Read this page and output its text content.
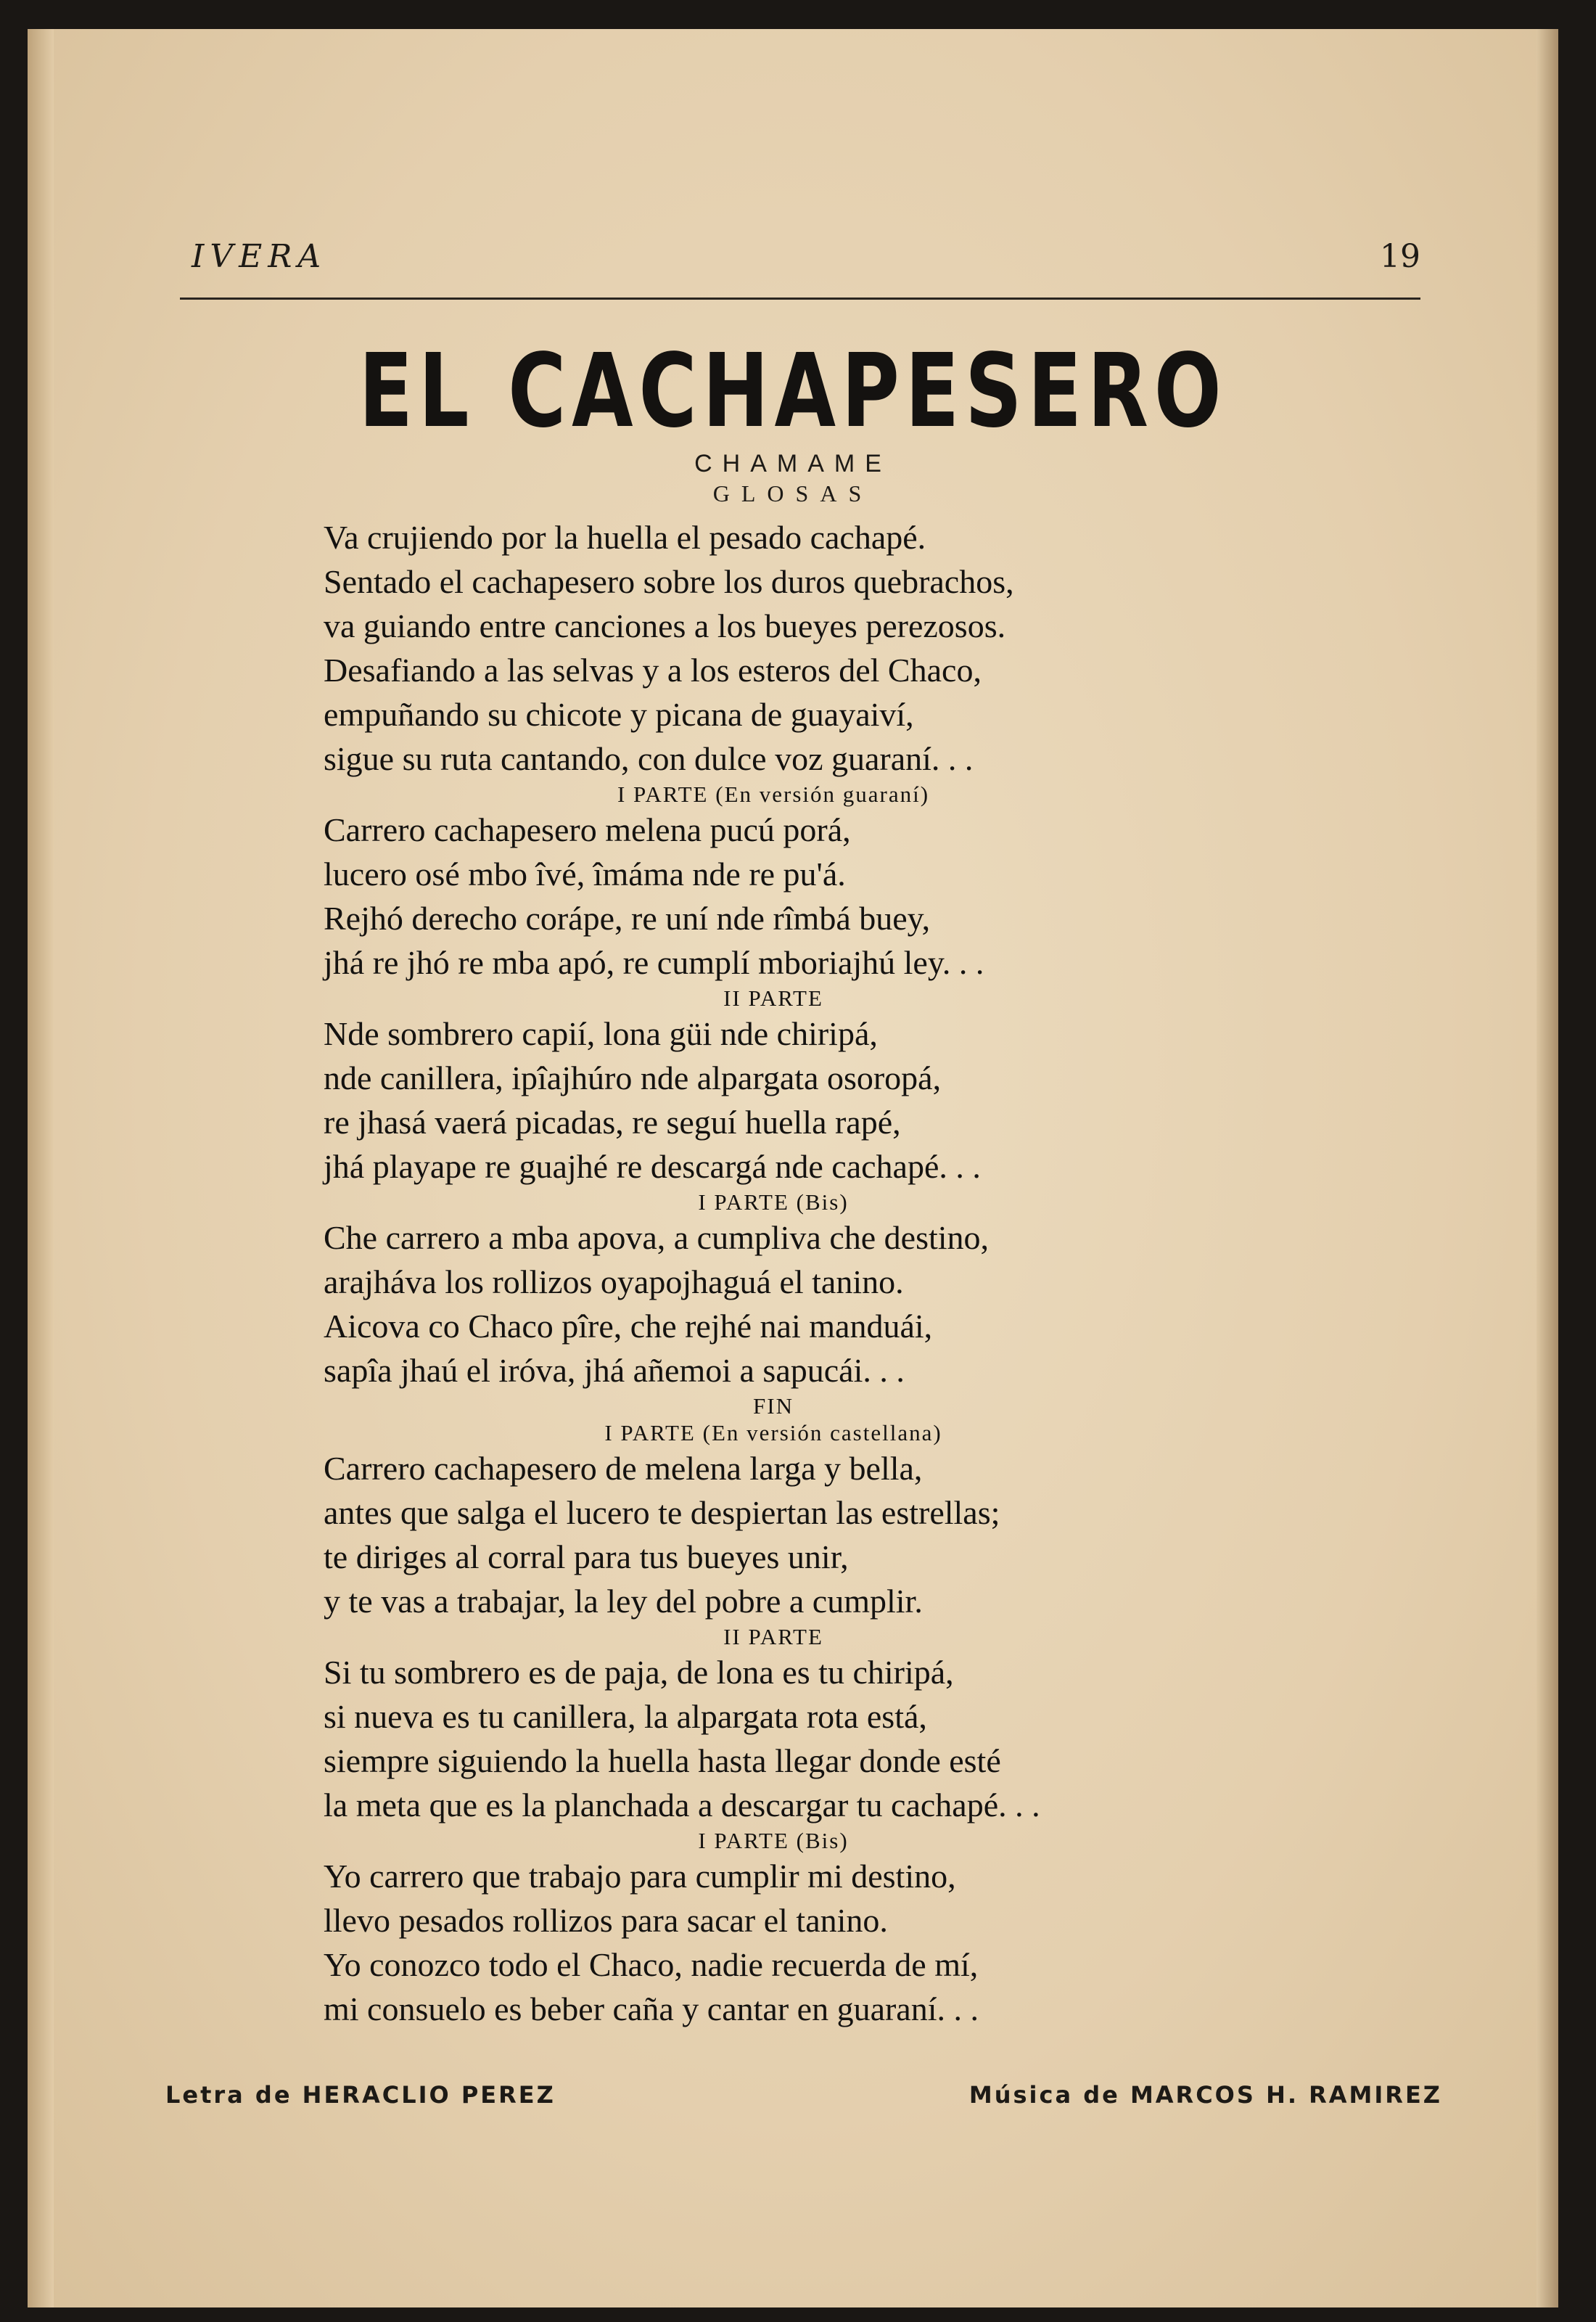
IVERA	19
EL CACHAPESERO
CHAMAME
GLOSAS
Va crujiendo por la huella el pesado cachapé.
Sentado el cachapesero sobre los duros quebrachos,
va guiando entre canciones a los bueyes perezosos.
Desafiando a las selvas y a los esteros del Chaco,
empuñando su chicote y picana de guayaiví,
sigue su ruta cantando, con dulce voz guaraní. . .
I PARTE (En versión guaraní)
Carrero cachapesero melena pucú porá,
lucero osé mbo îvé, îmáma nde re pu'á.
Rejhó derecho corápe, re uní nde rîmbá buey,
jhá re jhó re mba apó, re cumplí mboriajhú ley. . .
II PARTE
Nde sombrero capií, lona güi nde chiripá,
nde canillera, ipîajhúro nde alpargata osoropá,
re jhasá vaerá picadas, re seguí huella rapé,
jhá playape re guajhé re descargá nde cachapé. . .
I PARTE (Bis)
Che carrero a mba apova, a cumpliva che destino,
arajháva los rollizos oyapojhaguá el tanino.
Aicova co Chaco pîre, che rejhé nai manduái,
sapîa jhaú el iróva, jhá añemoi a sapucái. . .
FIN
I PARTE (En versión castellana)
Carrero cachapesero de melena larga y bella,
antes que salga el lucero te despiertan las estrellas;
te diriges al corral para tus bueyes unir,
y te vas a trabajar, la ley del pobre a cumplir.
II PARTE
Si tu sombrero es de paja, de lona es tu chiripá,
si nueva es tu canillera, la alpargata rota está,
siempre siguiendo la huella hasta llegar donde esté
la meta que es la planchada a descargar tu cachapé. . .
I PARTE (Bis)
Yo carrero que trabajo para cumplir mi destino,
llevo pesados rollizos para sacar el tanino.
Yo conozco todo el Chaco, nadie recuerda de mí,
mi consuelo es beber caña y cantar en guaraní. . .
Letra de HERACLIO PEREZ	Música de MARCOS H. RAMIREZ
